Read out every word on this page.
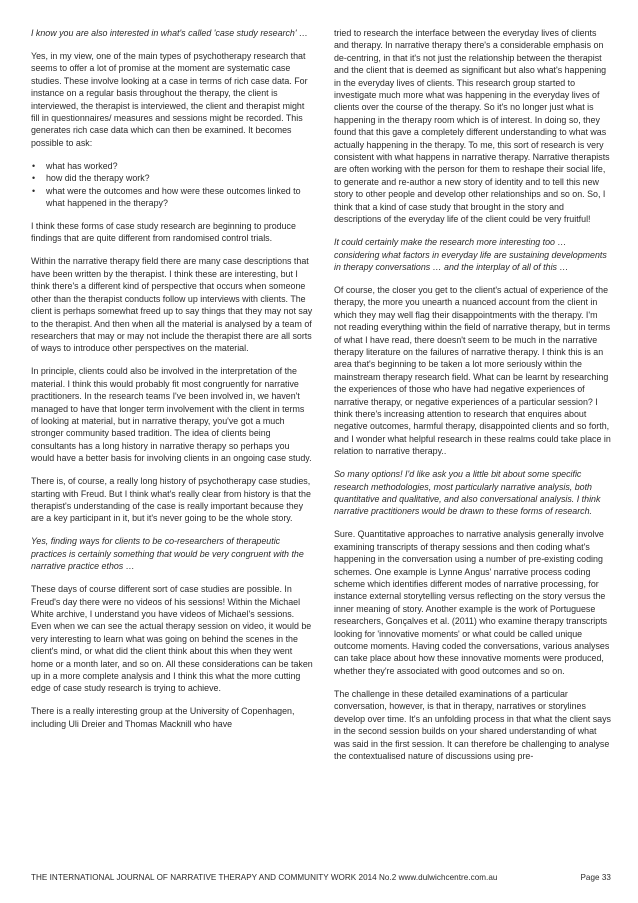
I know you are also interested in what's called 'case study research' …

Yes, in my view, one of the main types of psychotherapy research that seems to offer a lot of promise at the moment are systematic case studies. These involve looking at a case in terms of rich case data. For instance on a regular basis throughout the therapy, the client is interviewed, the therapist is interviewed, the client and therapist might fill in questionnaires/ measures and sessions might be recorded. This generates rich case data which can then be examined. It becomes possible to ask:

• what has worked?
• how did the therapy work?
• what were the outcomes and how were these outcomes linked to what happened in the therapy?

I think these forms of case study research are beginning to produce findings that are quite different from randomised control trials.

Within the narrative therapy field there are many case descriptions that have been written by the therapist. I think these are interesting, but I think there's a different kind of perspective that occurs when someone other than the therapist conducts follow up interviews with clients. The client is perhaps somewhat freed up to say things that they may not say to the therapist. And then when all the material is analysed by a team of researchers that may or may not include the therapist there are all sorts of ways to introduce other perspectives on the material.

In principle, clients could also be involved in the interpretation of the material. I think this would probably fit most congruently for narrative practitioners. In the research teams I've been involved in, we haven't managed to have that longer term involvement with the client in terms of looking at material, but in narrative therapy, you've got a much stronger community based tradition. The idea of clients being consultants has a long history in narrative therapy so perhaps you would have a better basis for involving clients in an ongoing case study.

There is, of course, a really long history of psychotherapy case studies, starting with Freud. But I think what's really clear from history is that the therapist's understanding of the case is really important because they are a key participant in it, but it's never going to be the whole story.

Yes, finding ways for clients to be co-researchers of therapeutic practices is certainly something that would be very congruent with the narrative practice ethos …

These days of course different sort of case studies are possible. In Freud's day there were no videos of his sessions! Within the Michael White archive, I understand you have videos of Michael's sessions. Even when we can see the actual therapy session on video, it would be very interesting to learn what was going on behind the scenes in the client's mind, or what did the client think about this when they went home or a month later, and so on. All these considerations can be taken up in a more complete analysis and I think this what the more cutting edge of case study research is trying to achieve.

There is a really interesting group at the University of Copenhagen, including Uli Dreier and Thomas Macknill who have

tried to research the interface between the everyday lives of clients and therapy. In narrative therapy there's a considerable emphasis on de-centring, in that it's not just the relationship between the therapist and the client that is deemed as significant but also what's happening in the everyday lives of clients. This research group started to investigate much more what was happening in the everyday lives of clients over the course of the therapy. So it's no longer just what is happening in the therapy room which is of interest. In doing so, they found that this gave a completely different understanding to what was actually happening in the therapy. To me, this sort of research is very consistent with what happens in narrative therapy. Narrative therapists are often working with the person for them to reshape their social life, to generate and re-author a new story of identity and to tell this new story to other people and develop other relationships and so on. So, I think that a kind of case study that brought in the story and descriptions of the everyday life of the client could be very fruitful!

It could certainly make the research more interesting too … considering what factors in everyday life are sustaining developments in therapy conversations … and the interplay of all of this …

Of course, the closer you get to the client's actual of experience of the therapy, the more you unearth a nuanced account from the client in which they may well flag their disappointments with the therapy. I'm not reading everything within the field of narrative therapy, but in terms of what I have read, there doesn't seem to be much in the narrative therapy literature on the failures of narrative therapy. I think this is an area that's beginning to be taken a lot more seriously within the mainstream therapy research field. What can be learnt by researching the experiences of those who have had negative experiences of narrative therapy, or negative experiences of a particular session? I think there's increasing attention to research that enquires about negative outcomes, harmful therapy, disappointed clients and so forth, and I wonder what helpful research in these realms could take place in relation to narrative therapy..

So many options! I'd like ask you a little bit about some specific research methodologies, most particularly narrative analysis, both quantitative and qualitative, and also conversational analysis. I think narrative practitioners would be drawn to these forms of research.

Sure. Quantitative approaches to narrative analysis generally involve examining transcripts of therapy sessions and then coding what's happening in the conversation using a number of pre-existing coding schemes. One example is Lynne Angus' narrative process coding scheme which identifies different modes of narrative processing, for instance external storytelling versus reflecting on the story versus the inner meaning of story. Another example is the work of Portuguese researchers, Gonçalves et al. (2011) who examine therapy transcripts looking for 'innovative moments' or what could be called unique outcome moments. Having coded the conversations, various analyses can take place about how these innovative moments were produced, whether they're associated with good outcomes and so on.

The challenge in these detailed examinations of a particular conversation, however, is that in therapy, narratives or storylines develop over time. It's an unfolding process in that what the client says in the second session builds on your shared understanding of what was said in the first session. It can therefore be challenging to analyse the contextualised nature of discussions using pre-

THE INTERNATIONAL JOURNAL OF NARRATIVE THERAPY AND COMMUNITY WORK 2014 No.2 www.dulwichcentre.com.au	Page 33
